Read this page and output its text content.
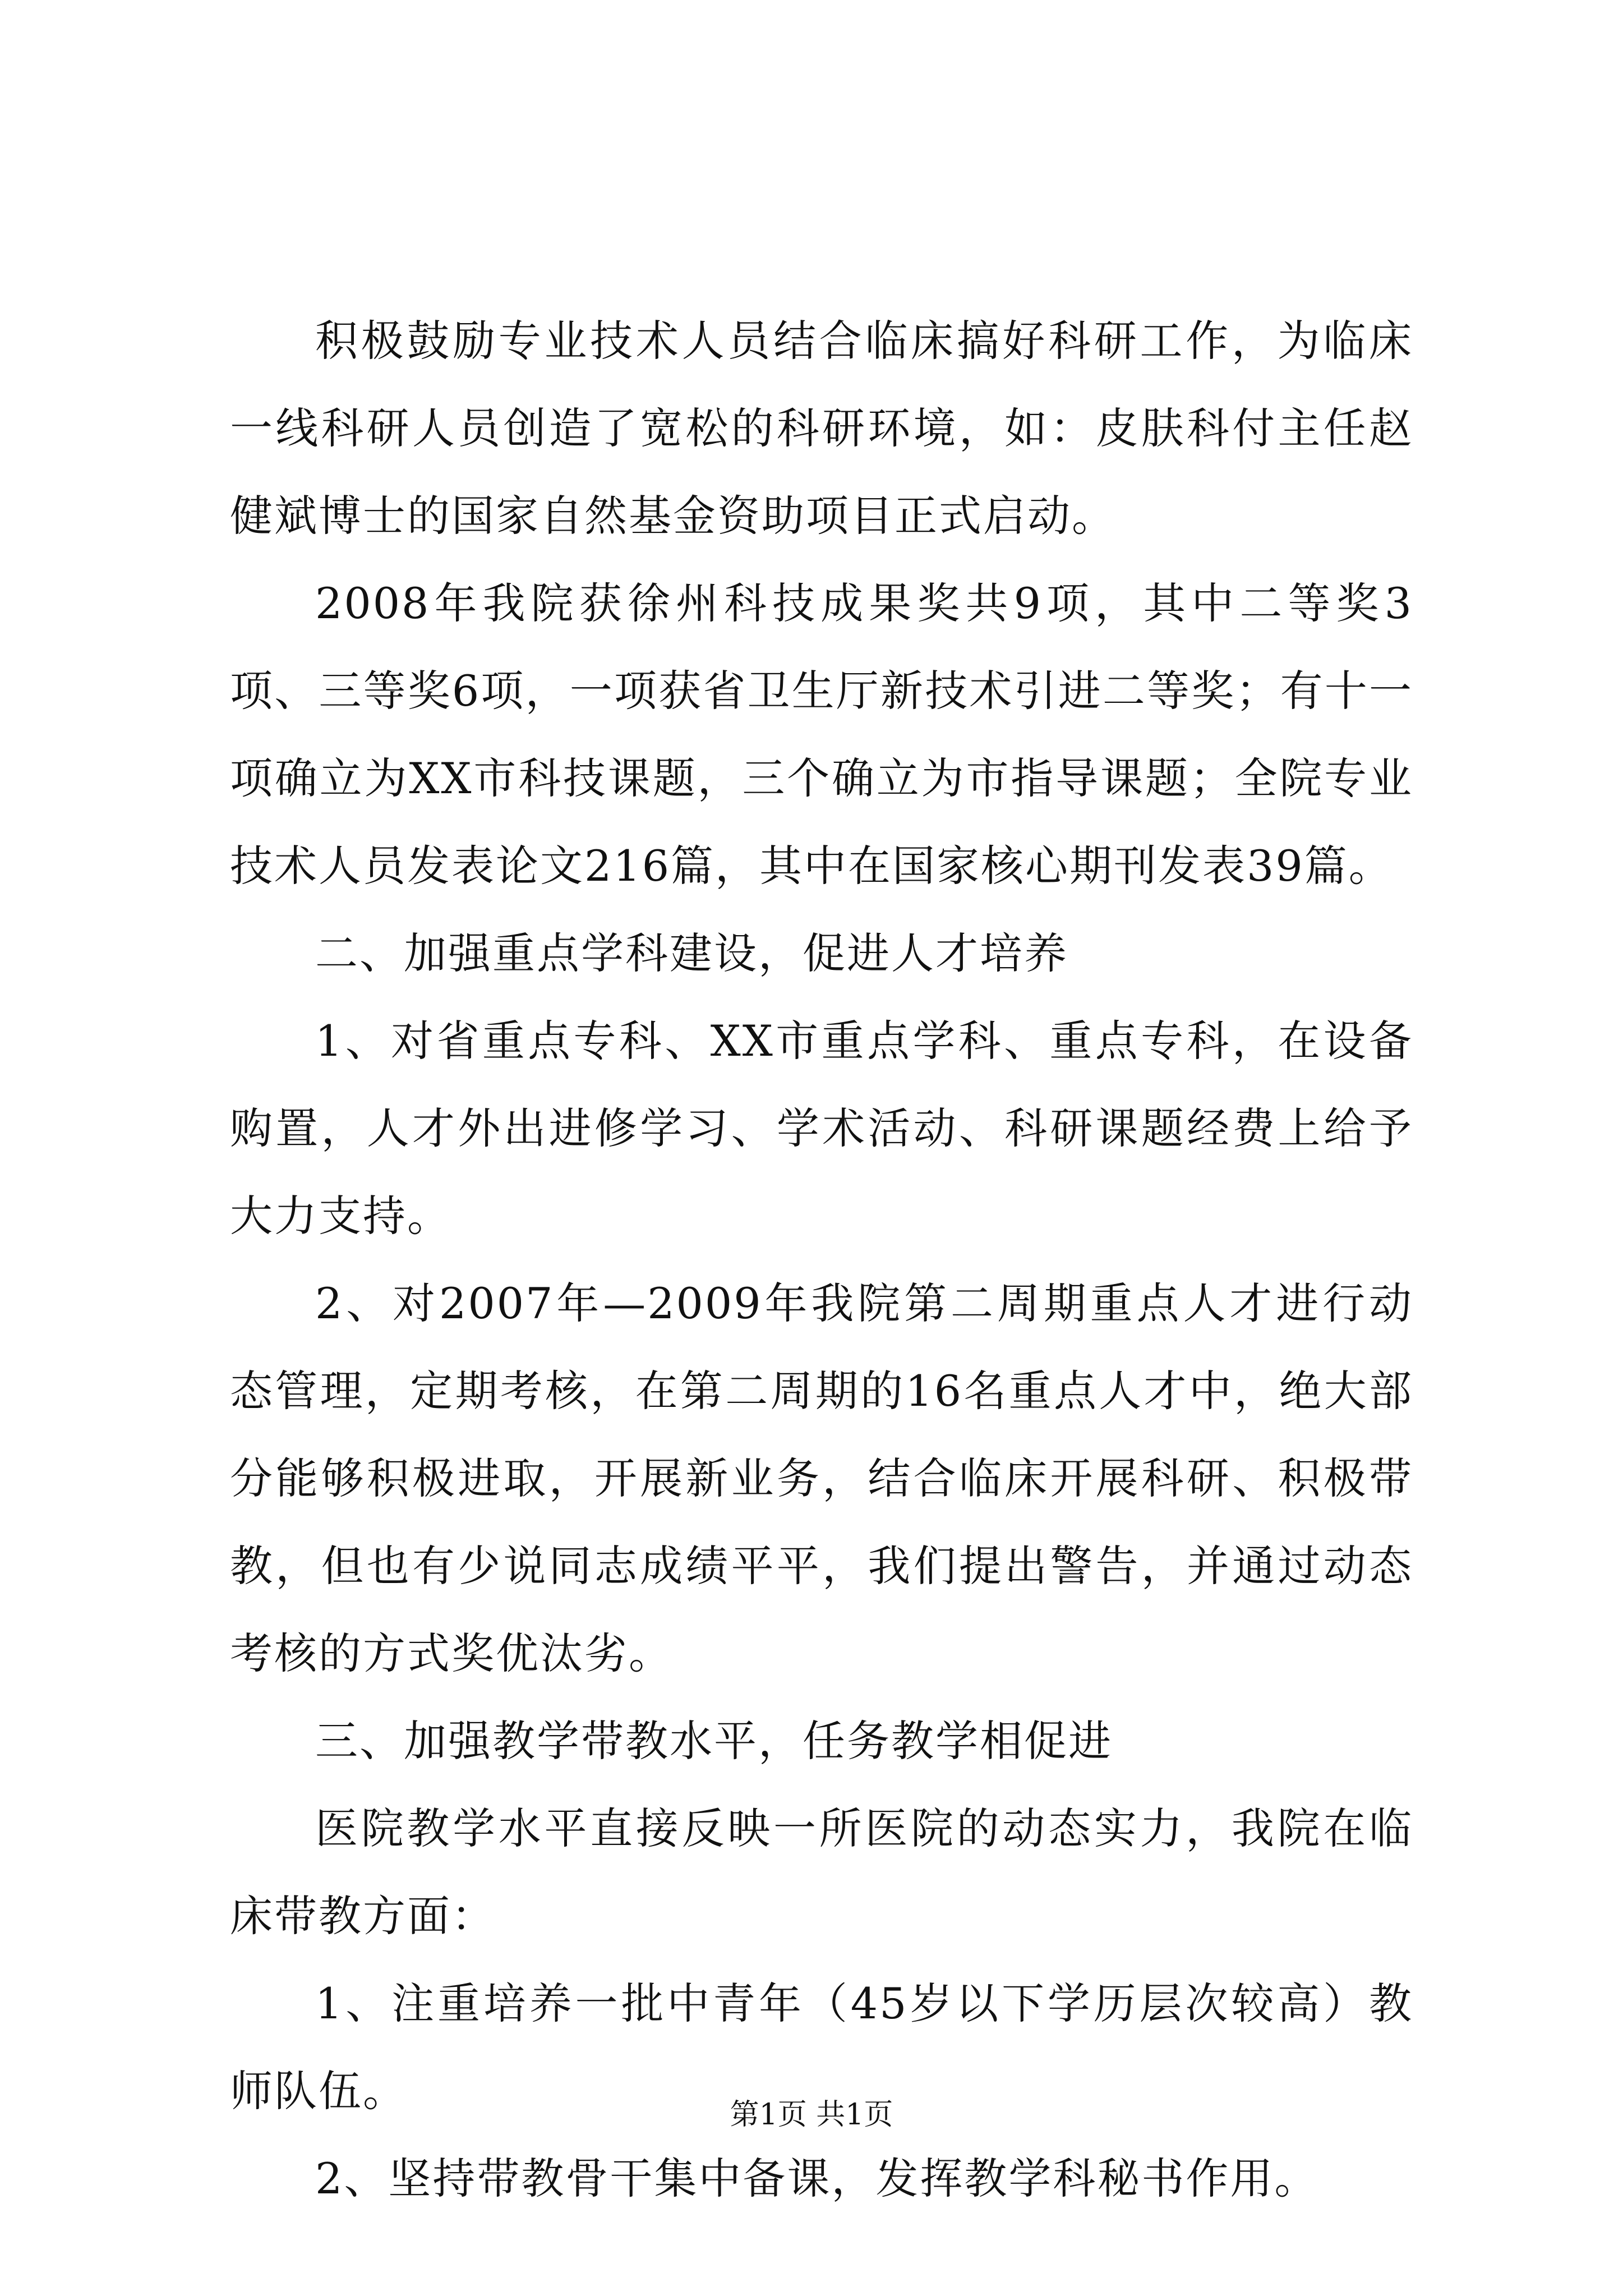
积极鼓励专业技术人员结合临床搞好科研工作，为临床一线科研人员创造了宽松的科研环境，如：皮肤科付主任赵健斌博士的国家自然基金资助项目正式启动。

2008年我院获徐州科技成果奖共9项，其中二等奖3项、三等奖6项，一项获省卫生厅新技术引进二等奖；有十一项确立为XX市科技课题，三个确立为市指导课题；全院专业技术人员发表论文216篇，其中在国家核心期刊发表39篇。

二、加强重点学科建设，促进人才培养

1、对省重点专科、XX市重点学科、重点专科，在设备购置，人才外出进修学习、学术活动、科研课题经费上给予大力支持。

2、对2007年—2009年我院第二周期重点人才进行动态管理，定期考核，在第二周期的16名重点人才中，绝大部分能够积极进取，开展新业务，结合临床开展科研、积极带教，但也有少说同志成绩平平，我们提出警告，并通过动态考核的方式奖优汰劣。

三、加强教学带教水平，任务教学相促进

医院教学水平直接反映一所医院的动态实力，我院在临床带教方面：

1、注重培养一批中青年（45岁以下学历层次较高）教师队伍。

2、坚持带教骨干集中备课，发挥教学科秘书作用。

第1页 共1页
